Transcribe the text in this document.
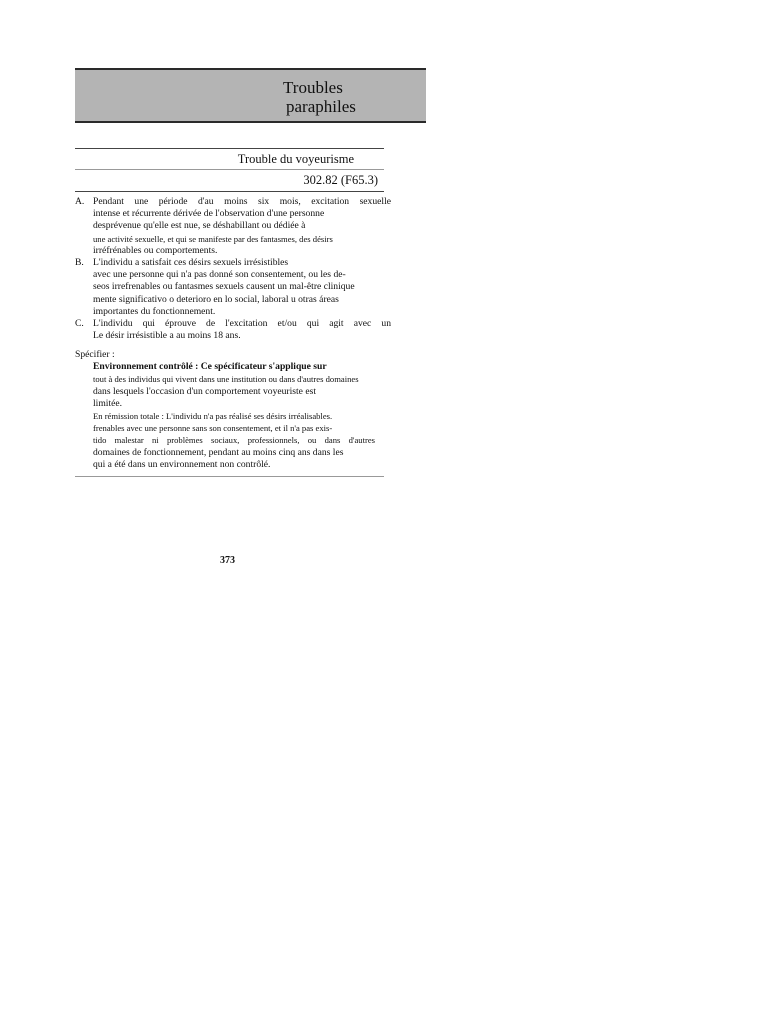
Troubles
paraphiles
Trouble du voyeurisme
302.82 (F65.3)
A. Pendant une période d'au moins six mois, excitation sexuelle
intense et récurrente dérivée de l'observation d'une personne
desprévenue qu'elle est nue, se déshabillant ou dédiée à
une activité sexuelle, et qui se manifeste par des fantasmes, des désirs
irréfrénables ou comportements.
B. L'individu a satisfait ces désirs sexuels irrésistibles
avec une personne qui n'a pas donné son consentement, ou les de-
seos irrefrenables ou fantasmes sexuels causent un mal-être clinique
mente significativo o deterioro en lo social, laboral u otras áreas
importantes du fonctionnement.
C. L'individu qui éprouve de l'excitation et/ou qui agit avec un
Le désir irrésistible a au moins 18 ans.
Spécifier :
Environnement contrôlé : Ce spécificateur s'applique sur
tout à des individus qui vivent dans une institution ou dans d'autres domaines
dans lesquels l'occasion d'un comportement voyeuriste est
limitée.
En rémission totale : L'individu n'a pas réalisé ses désirs irréalisables.
frenables avec une personne sans son consentement, et il n'a pas exis-
tido malestar ni problèmes sociaux, professionnels, ou dans d'autres
domaines de fonctionnement, pendant au moins cinq ans dans les
qui a été dans un environnement non contrôlé.
373
